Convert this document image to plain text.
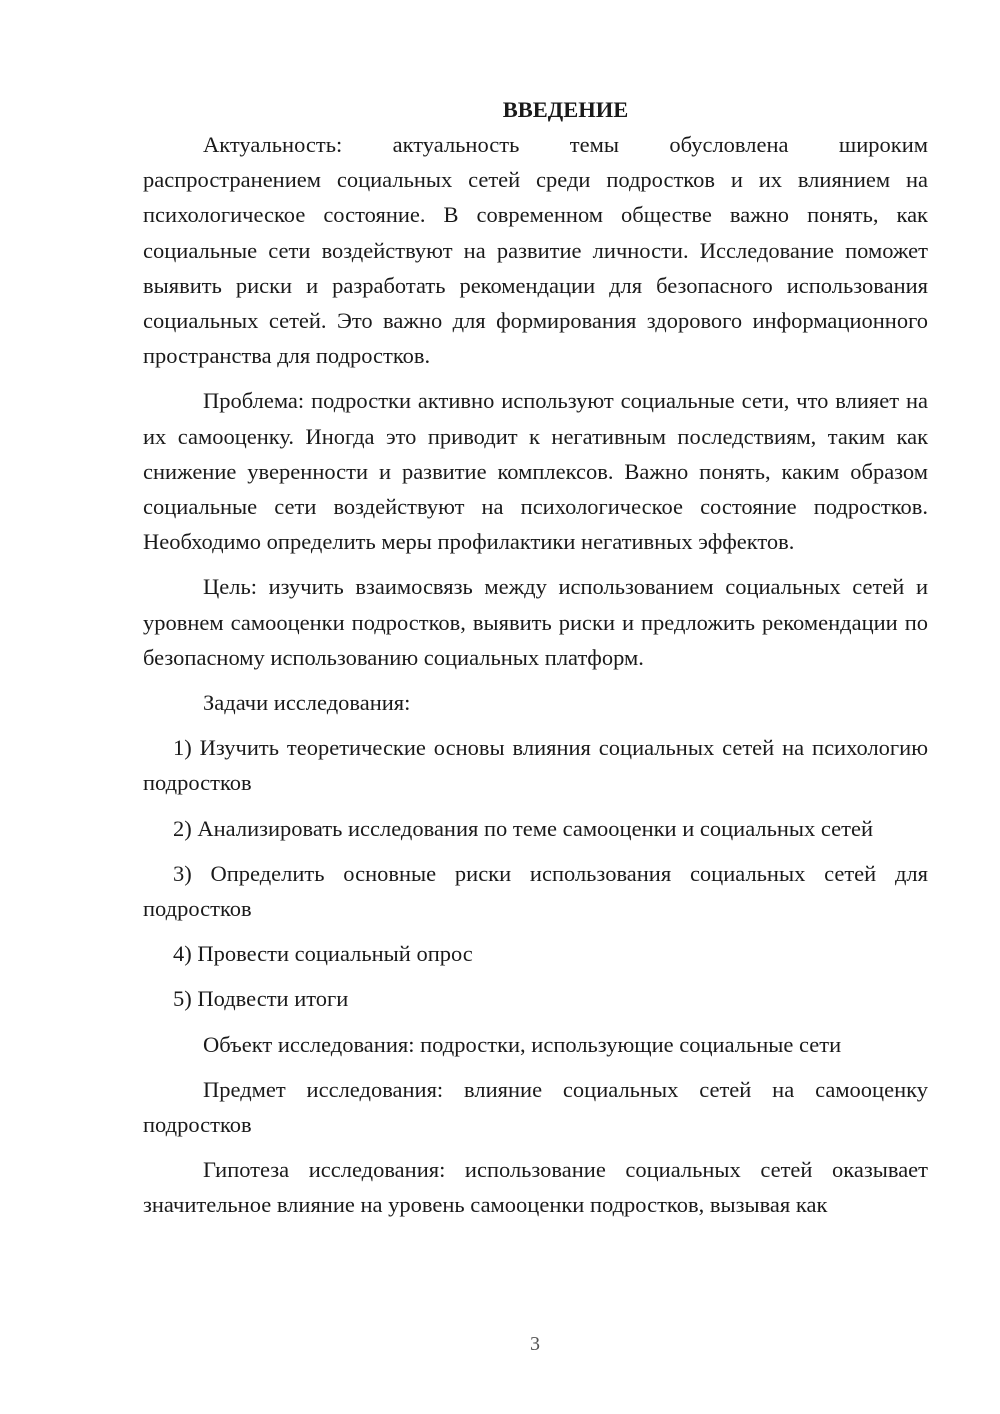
ВВЕДЕНИЕ

Актуальность: актуальность темы обусловлена широким распространением социальных сетей среди подростков и их влиянием на психологическое состояние. В современном обществе важно понять, как социальные сети воздействуют на развитие личности. Исследование поможет выявить риски и разработать рекомендации для безопасного использования социальных сетей. Это важно для формирования здорового информационного пространства для подростков.

Проблема: подростки активно используют социальные сети, что влияет на их самооценку. Иногда это приводит к негативным последствиям, таким как снижение уверенности и развитие комплексов. Важно понять, каким образом социальные сети воздействуют на психологическое состояние подростков. Необходимо определить меры профилактики негативных эффектов.

Цель: изучить взаимосвязь между использованием социальных сетей и уровнем самооценки подростков, выявить риски и предложить рекомендации по безопасному использованию социальных платформ.

Задачи исследования:

1) Изучить теоретические основы влияния социальных сетей на психологию подростков

2) Анализировать исследования по теме самооценки и социальных сетей

3) Определить основные риски использования социальных сетей для подростков

4) Провести социальный опрос

5) Подвести итоги

Объект исследования: подростки, использующие социальные сети

Предмет исследования: влияние социальных сетей на самооценку подростков

Гипотеза исследования: использование социальных сетей оказывает значительное влияние на уровень самооценки подростков, вызывая как

3
